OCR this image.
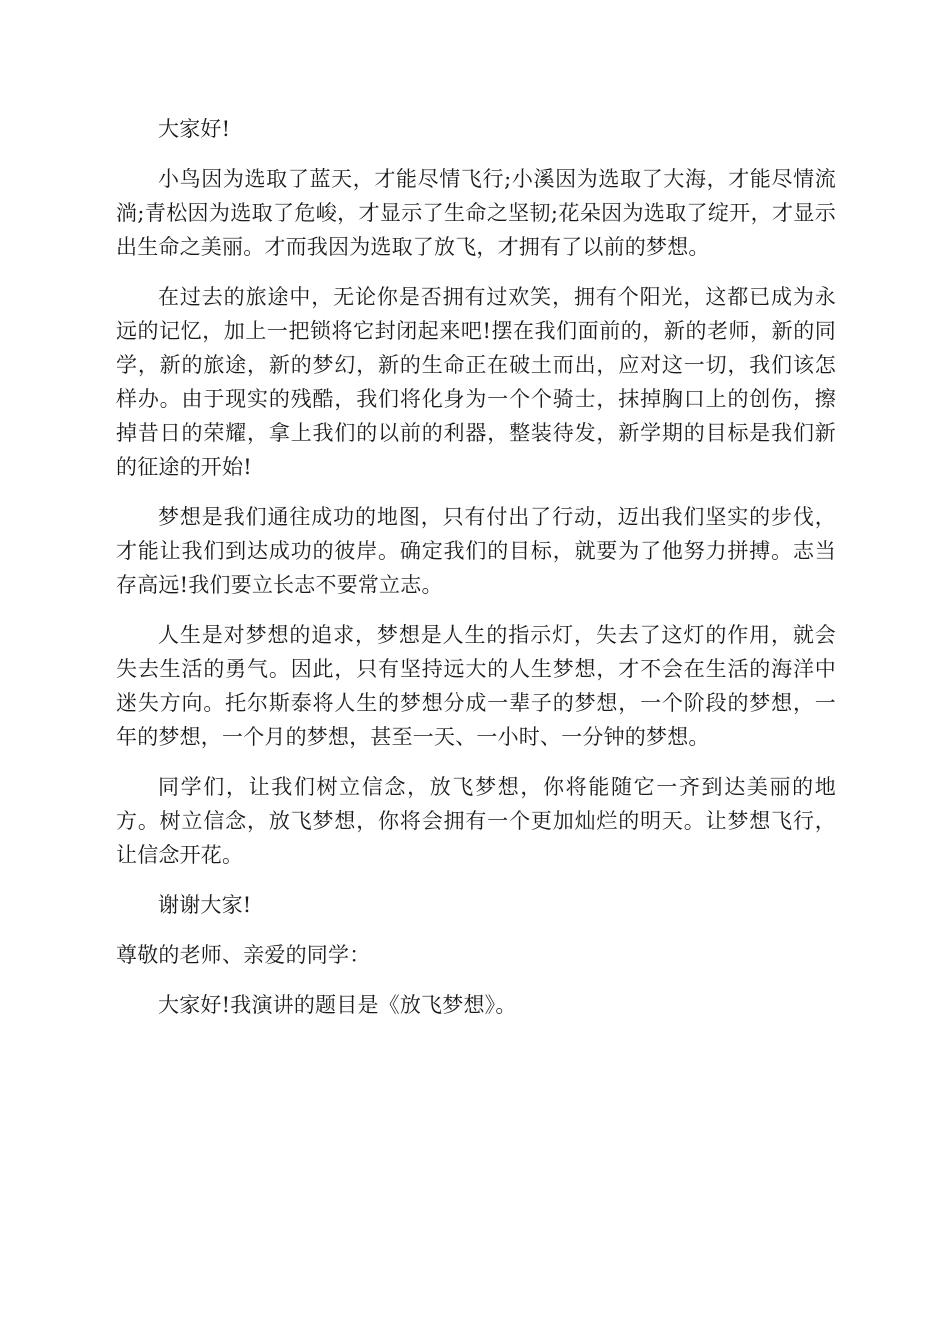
大家好!

小鸟因为选取了蓝天，才能尽情飞行;小溪因为选取了大海，才能尽情流淌;青松因为选取了危峻，才显示了生命之坚韧;花朵因为选取了绽开，才显示出生命之美丽。才而我因为选取了放飞，才拥有了以前的梦想。

在过去的旅途中，无论你是否拥有过欢笑，拥有个阳光，这都已成为永远的记忆，加上一把锁将它封闭起来吧!摆在我们面前的，新的老师，新的同学，新的旅途，新的梦幻，新的生命正在破土而出，应对这一切，我们该怎样办。由于现实的残酷，我们将化身为一个个骑士，抹掉胸口上的创伤，擦掉昔日的荣耀，拿上我们的以前的利器，整装待发，新学期的目标是我们新的征途的开始!

梦想是我们通往成功的地图，只有付出了行动，迈出我们坚实的步伐，才能让我们到达成功的彼岸。确定我们的目标，就要为了他努力拼搏。志当存高远!我们要立长志不要常立志。

人生是对梦想的追求，梦想是人生的指示灯，失去了这灯的作用，就会失去生活的勇气。因此，只有坚持远大的人生梦想，才不会在生活的海洋中迷失方向。托尔斯泰将人生的梦想分成一辈子的梦想，一个阶段的梦想，一年的梦想，一个月的梦想，甚至一天、一小时、一分钟的梦想。

同学们，让我们树立信念，放飞梦想，你将能随它一齐到达美丽的地方。树立信念，放飞梦想，你将会拥有一个更加灿烂的明天。让梦想飞行，让信念开花。

谢谢大家!

尊敬的老师、亲爱的同学：

大家好!我演讲的题目是《放飞梦想》。
